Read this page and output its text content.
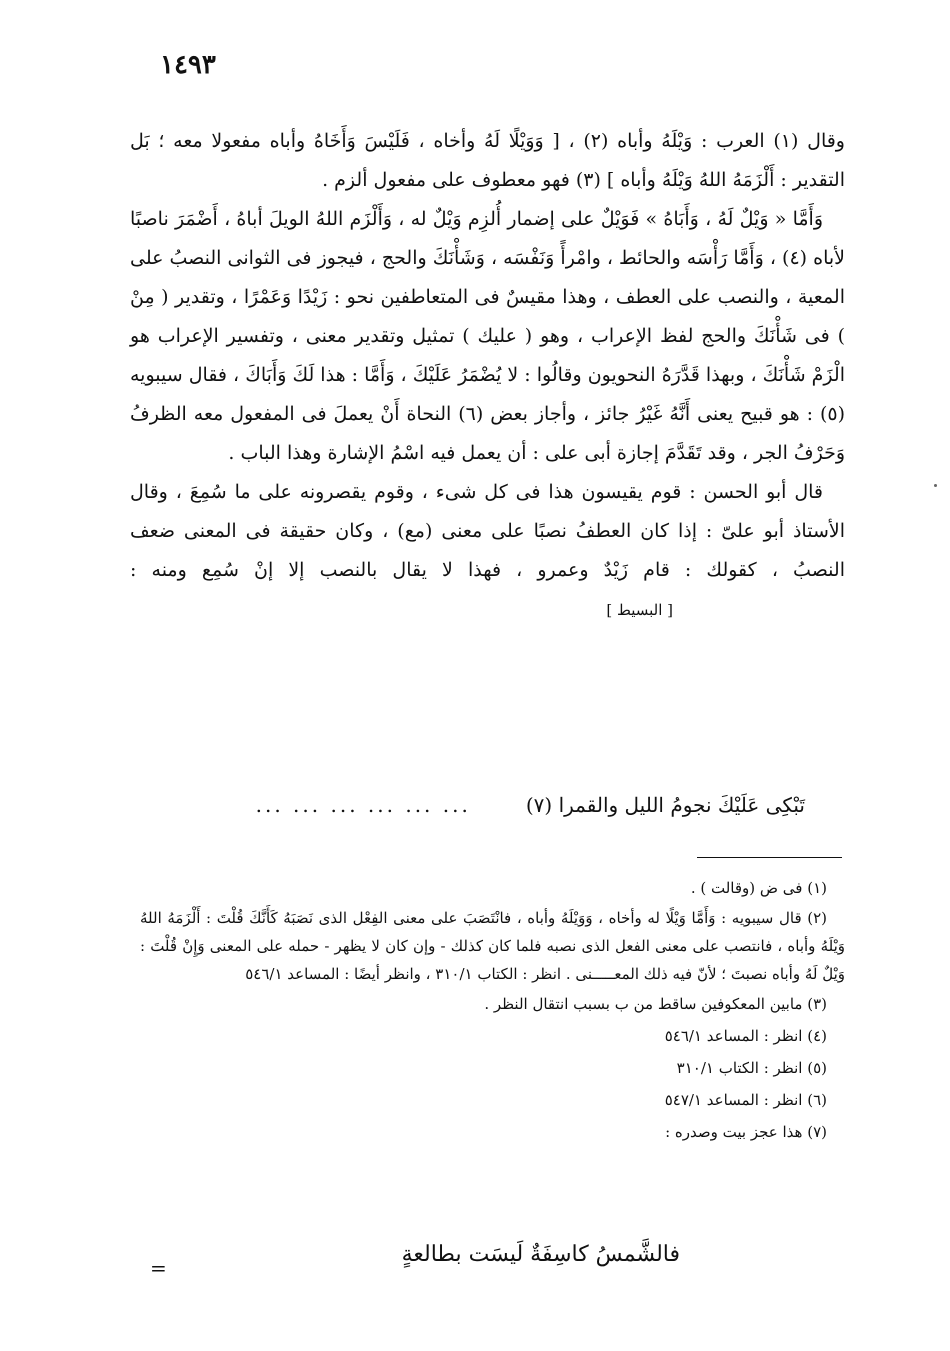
١٤٩٣

وقال (١) العرب : وَيْلَهُ وأباه (٢) ، [ وَوَيْلًا لَهُ وأخاه ، فَلَيْسَ وَأَخَاهُ وأباه مفعولا معه ؛ بَل التقدير : أَلْزَمَهُ اللهُ وَيْلَهُ وأباه ] (٣) فهو معطوف على مفعول ألزم .

وَأَمَّا « وَيْلٌ لَهُ ، وَأَبَاهُ » فَوَيْلٌ على إضمار أُلزِم وَيْلٌ له ، وَأَلْزَم اللهُ الويلَ أباهُ ، أَضْمَرَ ناصبًا لأباه (٤) ، وَأَمَّا رَأْسَه والحائط ، وامْرأً وَنَفْسَه ، وَشَأْنَكَ والحج ، فيجوز فى الثوانى النصبُ على المعية ، والنصب على العطف ، وهذا مقيسٌ فى المتعاطفين نحو : زَيْدًا وَعَمْرًا ، وتقدير ( مِنْ ) فى شَأْنَكَ والحج لفظ الإعراب ، وهو ( عليك ) تمثيل وتقدير معنى ، وتفسير الإعراب هو الْزَمْ شَأْنَكَ ، وبهذا قَدَّرَهُ النحويون وقالُوا : لا يُضْمَرُ عَلَيْكَ ، وَأَمَّا : هذا لَكَ وَأَبَاكَ ، فقال سيبويه (٥) : هو قبيح يعنى أَنَّهُ غَيْرُ جائز ، وأجاز بعض (٦) النحاة أَنْ يعملَ فى المفعول معه الظرفُ وَحَرْفُ الجر ، وقد تَقَدَّمَ إجازة أبى على : أن يعمل فيه اسْمُ الإشارة وهذا الباب .

قال أبو الحسن : قوم يقيسون هذا فى كل شىء ، وقوم يقصرونه على ما سُمِعَ ، وقال الأستاذ أبو علىّ : إذا كان العطفُ نصبًا على معنى (مع) ، وكان حقيقة فى المعنى ضعف النصبُ ، كقولك : قام زَيْدٌ وعمرو ، فهذا لا يقال بالنصب إلا إنْ سُمِع ومنه :[ البسيط ]

تَبْكِى عَلَيْكَ نجومُ الليل والقمرا (٧)... ... ... ... ... ...

(١) فى ض (وقالت ) .

(٢) قال سيبويه : وَأَمَّا وَيْلًا له وأخاه ، وَوَيْلَهُ وأباه ، فانْتَصَبَ على معنى الفِعْل الذى نَصَبَهُ كَأَنَّكَ قُلْتَ : أَلْزَمَهُ اللهُ وَيْلَهُ وأباه ، فانتصب على معنى الفعل الذى نصبه فلما كان كذلك - وإن كان لا يظهر - حمله على المعنى وَإِنْ قُلْتَ : وَيْلٌ لَهُ وأباه نصبتَ ؛ لأنّ فيه ذلك المعـــــنى . انظر : الكتاب ٣١٠/١ ، وانظر أيضًا : المساعد ٥٤٦/١

(٣) مابين المعكوفين ساقط من ب بسبب انتقال النظر .

(٤) انظر : المساعد ٥٤٦/١

(٥) انظر : الكتاب ٣١٠/١

(٦) انظر : المساعد ٥٤٧/١

(٧) هذا عجز بيت وصدره :

فالشَّمسُ كاسِفَةٌ لَيسَت بطالعةٍ
=
